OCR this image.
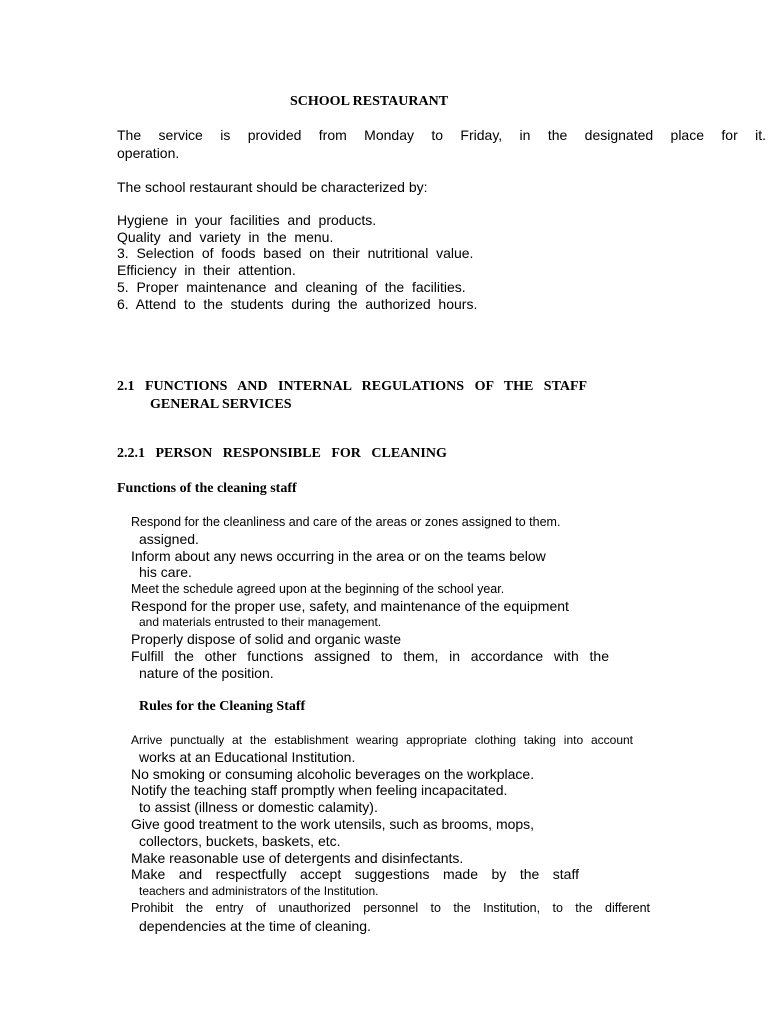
SCHOOL RESTAURANT
The service is provided from Monday to Friday, in the designated place for it.
operation.
The school restaurant should be characterized by:
Hygiene  in  your  facilities  and  products.
Quality  and  variety  in  the  menu.
3.  Selection  of  foods  based  on  their  nutritional  value.
Efficiency  in  their  attention.
5.  Proper  maintenance  and  cleaning  of  the  facilities.
6.  Attend  to  the  students  during  the  authorized  hours.
2.1   FUNCTIONS   AND   INTERNAL   REGULATIONS   OF   THE   STAFF
GENERAL SERVICES
2.2.1   PERSON   RESPONSIBLE   FOR   CLEANING
Functions of the cleaning staff
Respond for the cleanliness and care of the areas or zones assigned to them.
assigned.
Inform about any news occurring in the area or on the teams below
his care.
Meet the schedule agreed upon at the beginning of the school year.
Respond for the proper use, safety, and maintenance of the equipment
and materials entrusted to their management.
Properly dispose of solid and organic waste
Fulfill the other functions assigned to them, in accordance with the
nature of the position.
Rules for the Cleaning Staff
Arrive punctually at the establishment wearing appropriate clothing taking into account
works at an Educational Institution.
No smoking or consuming alcoholic beverages on the workplace.
Notify the teaching staff promptly when feeling incapacitated.
to assist (illness or domestic calamity).
Give good treatment to the work utensils, such as brooms, mops,
collectors, buckets, baskets, etc.
Make reasonable use of detergents and disinfectants.
Make and respectfully accept suggestions made by the staff
teachers and administrators of the Institution.
Prohibit the entry of unauthorized personnel to the Institution, to the different
dependencies at the time of cleaning.
